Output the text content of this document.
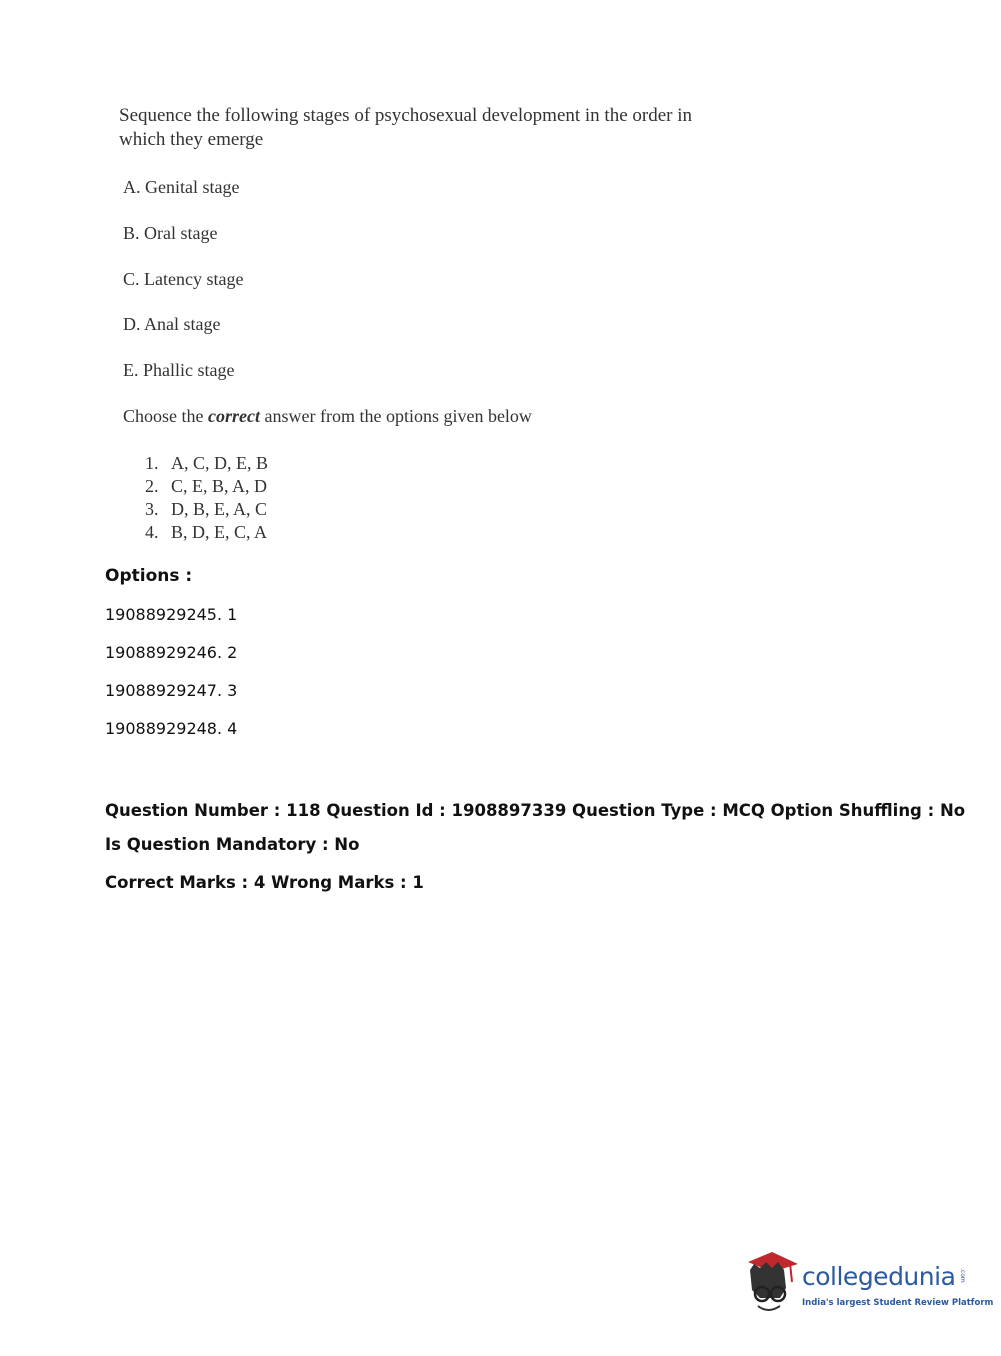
Sequence the following stages of psychosexual development in the order in which they emerge

A. Genital stage

B. Oral stage

C. Latency stage

D. Anal stage

E. Phallic stage

Choose the correct answer from the options given below

1. A, C, D, E, B
2. C, E, B, A, D
3. D, B, E, A, C
4. B, D, E, C, A

Options :

19088929245. 1

19088929246. 2

19088929247. 3

19088929248. 4

Question Number : 118 Question Id : 1908897339 Question Type : MCQ Option Shuffling : No

Is Question Mandatory : No

Correct Marks : 4 Wrong Marks : 1

collegedunia .com
India's largest Student Review Platform
